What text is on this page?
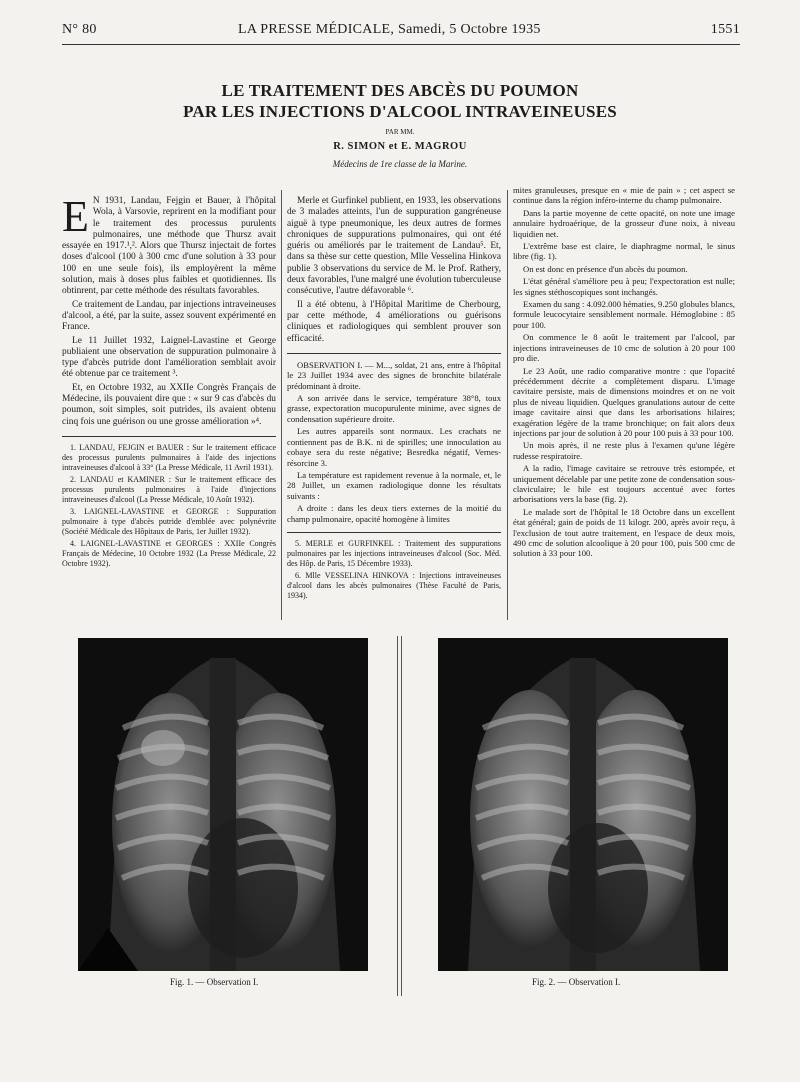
N° 80	LA PRESSE MÉDICALE, Samedi, 5 Octobre 1935	1551
LE TRAITEMENT DES ABCÈS DU POUMON
PAR LES INJECTIONS D'ALCOOL INTRAVEINEUSES
PAR MM.
R. SIMON et E. MAGROU
Médecins de 1re classe de la Marine.

E N 1931, Landau, Fejgin et Bauer, à l'hôpital Wola, à Varsovie, reprirent en la modifiant pour le traitement des processus purulents pulmonaires, une méthode que Thursz avait essayée en 1917.¹,². Alors que Thursz injectait de fortes doses d'alcool (100 à 300 cmc d'une solution à 33 pour 100 en une seule fois), ils employèrent la même solution, mais à doses plus faibles et quotidiennes. Ils obtinrent, par cette méthode des résultats favorables.

Ce traitement de Landau, par injections intraveineuses d'alcool, a été, par la suite, assez souvent expérimenté en France.

Le 11 Juillet 1932, Laignel-Lavastine et George publiaient une observation de suppuration pulmonaire à type d'abcès putride dont l'amélioration semblait avoir été obtenue par ce traitement ³.

Et, en Octobre 1932, au XXIIe Congrès Français de Médecine, ils pouvaient dire que : « sur 9 cas d'abcès du poumon, soit simples, soit putrides, ils avaient obtenu cinq fois une guérison ou une grosse amélioration »⁴.

1. LANDAU, FEJGIN et BAUER : Sur le traitement efficace des processus purulents pulmonaires à l'aide des injections intraveineuses d'alcool à 33° (La Presse Médicale, 11 Avril 1931).

2. LANDAU et KAMINER : Sur le traitement efficace des processus purulents pulmonaires à l'aide d'injections intraveineuses d'alcool (La Presse Médicale, 10 Août 1932).

3. LAIGNEL-LAVASTINE et GEORGE : Suppuration pulmonaire à type d'abcès putride d'emblée avec polynévrite (Société Médicale des Hôpitaux de Paris, 1er Juillet 1932).

4. LAIGNEL-LAVASTINE et GEORGES : XXIIe Congrès Français de Médecine, 10 Octobre 1932 (La Presse Médicale, 22 Octobre 1932).

Merle et Gurfinkel publient, en 1933, les observations de 3 malades atteints, l'un de suppuration gangréneuse aiguë à type pneumonique, les deux autres de formes chroniques de suppurations pulmonaires, qui ont été guéris ou améliorés par le traitement de Landau⁵. Et, dans sa thèse sur cette question, Mlle Vesselina Hinkova publie 3 observations du service de M. le Prof. Rathery, deux favorables, l'une malgré une évolution tuberculeuse consécutive, l'autre défavorable ⁶.

Il a été obtenu, à l'Hôpital Maritime de Cherbourg, par cette méthode, 4 améliorations ou guérisons cliniques et radiologiques qui semblent prouver son efficacité.

OBSERVATION I. — M..., soldat, 21 ans, entre à l'hôpital le 23 Juillet 1934 avec des signes de bronchite bilatérale prédominant à droite.

A son arrivée dans le service, température 38°8, toux grasse, expectoration mucopurulente minime, avec signes de condensation supérieure droite.

Les autres appareils sont normaux. Les crachats ne contiennent pas de B.K. ni de spirilles; une innoculation au cobaye sera du reste négative; Besredka négatif, Vernes-résorcine 3.

La température est rapidement revenue à la normale, et, le 28 Juillet, un examen radiologique donne les résultats suivants :

A droite : dans les deux tiers externes de la moitié du champ pulmonaire, opacité homogène à limites

5. MERLE et GURFINKEL : Traitement des suppurations pulmonaires par les injections intraveineuses d'alcool (Soc. Méd. des Hôp. de Paris, 15 Décembre 1933).

6. Mlle VESSELINA HINKOVA : Injections intraveineuses d'alcool dans les abcès pulmonaires (Thèse Faculté de Paris, 1934).

mites granuleuses, presque en « mie de pain » ; cet aspect se continue dans la région inféro-interne du champ pulmonaire.

Dans la partie moyenne de cette opacité, on note une image annulaire hydroaérique, de la grosseur d'une noix, à niveau liquidien net.

L'extrême base est claire, le diaphragme normal, le sinus libre (fig. 1).

On est donc en présence d'un abcès du poumon.

L'état général s'améliore peu à peu; l'expectoration est nulle; les signes stéthoscopiques sont inchangés.

Examen du sang : 4.092.000 hématies, 9.250 globules blancs, formule leucocytaire sensiblement normale. Hémoglobine : 85 pour 100.

On commence le 8 août le traitement par l'alcool, par injections intraveineuses de 10 cmc de solution à 20 pour 100 pro die.

Le 23 Août, une radio comparative montre : que l'opacité précédemment décrite a complètement disparu. L'image cavitaire persiste, mais de dimensions moindres et on ne voit plus de niveau liquidien. Quelques granulations autour de cette image cavitaire ainsi que dans les arborisations hilaires; exagération légère de la trame bronchique; on fait alors deux injections par jour de solution à 20 pour 100 puis à 33 pour 100.

Un mois après, il ne reste plus à l'examen qu'une légère rudesse respiratoire.

A la radio, l'image cavitaire se retrouve très estompée, et uniquement décelable par une petite zone de condensation sous-claviculaire; le hile est toujours accentué avec fortes arborisations vers la base (fig. 2).

Le malade sort de l'hôpital le 18 Octobre dans un excellent état général; gain de poids de 11 kilogr. 200, après avoir reçu, à l'exclusion de tout autre traitement, en l'espace de deux mois, 490 cmc de solution alcoolique à 20 pour 100, puis 500 cmc de solution à 33 pour 100.

Fig. 1. — Observation I.	Fig. 2. — Observation I.
